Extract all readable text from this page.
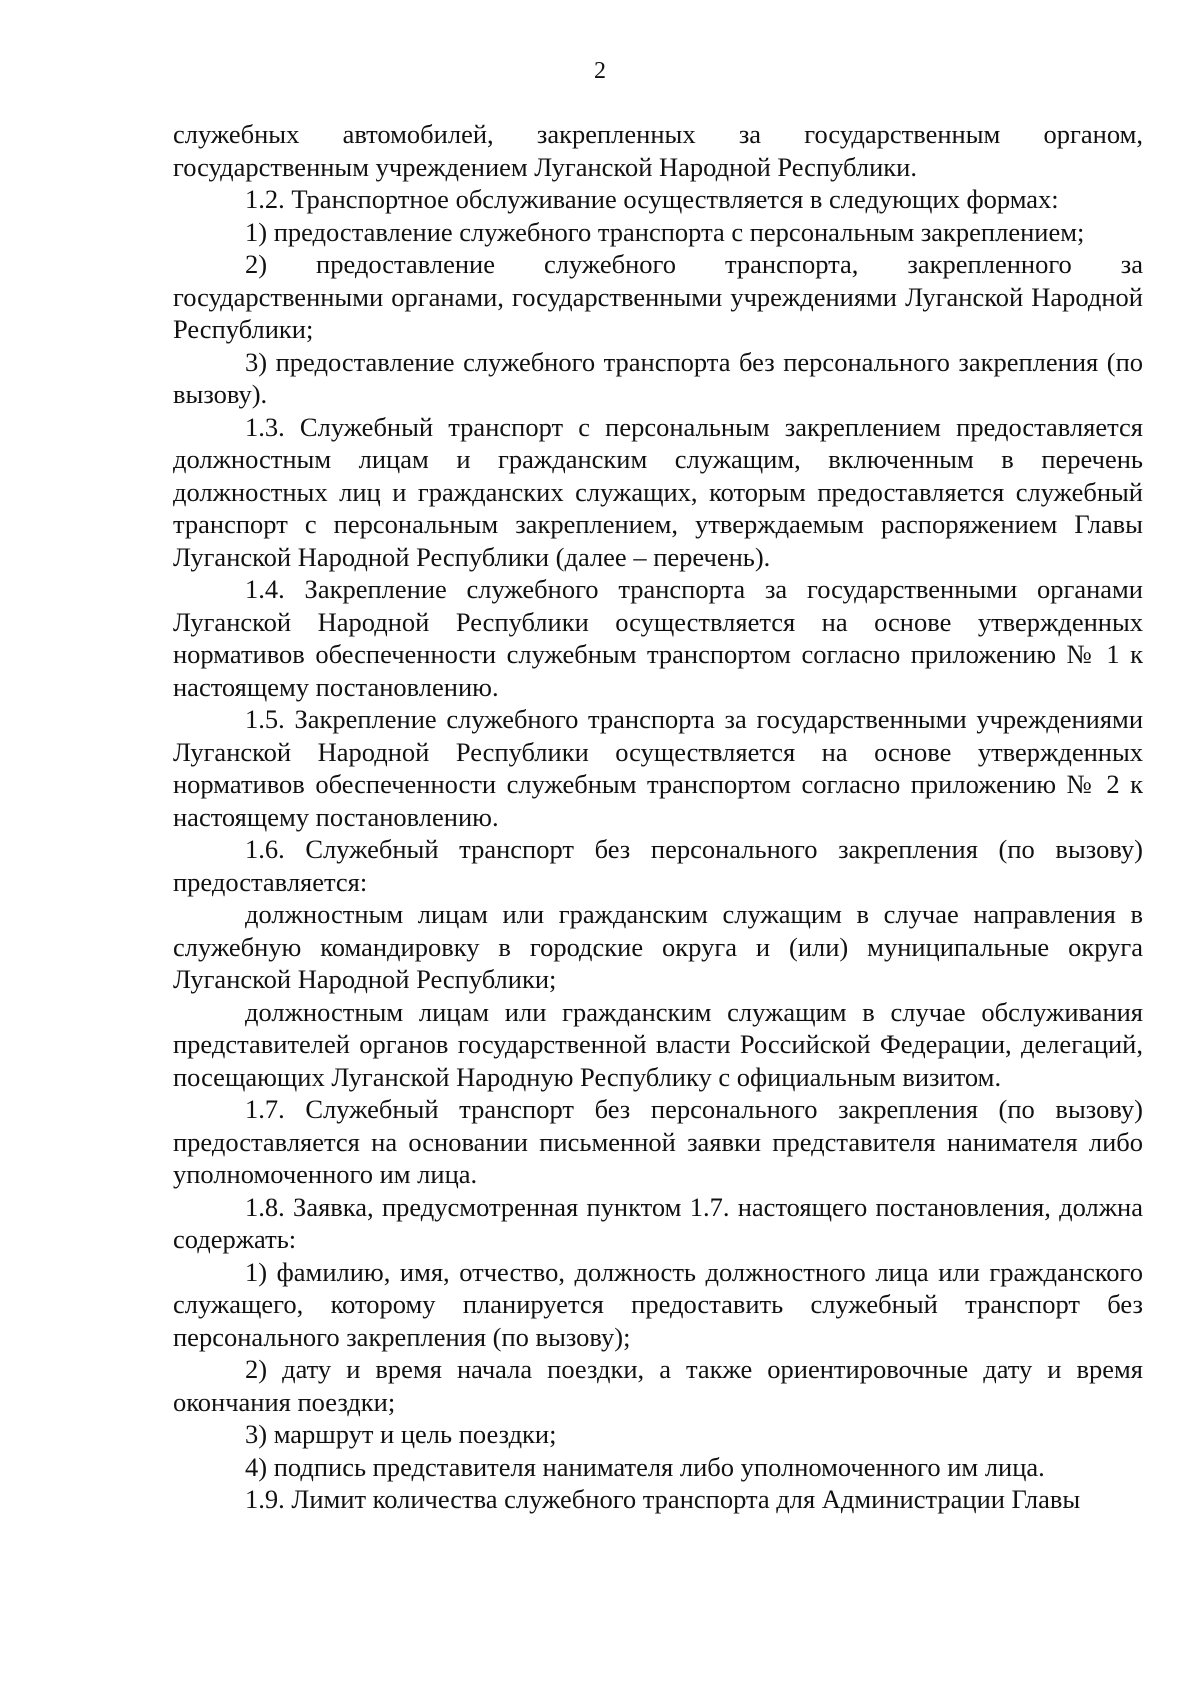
2

служебных автомобилей, закрепленных за государственным органом, государственным учреждением Луганской Народной Республики.

1.2. Транспортное обслуживание осуществляется в следующих формах:

1) предоставление служебного транспорта с персональным закреплением;

2) предоставление служебного транспорта, закрепленного за государственными органами, государственными учреждениями Луганской Народной Республики;

3) предоставление служебного транспорта без персонального закрепления (по вызову).

1.3. Служебный транспорт с персональным закреплением предоставляется должностным лицам и гражданским служащим, включенным в перечень должностных лиц и гражданских служащих, которым предоставляется служебный транспорт с персональным закреплением, утверждаемым распоряжением Главы Луганской Народной Республики (далее – перечень).

1.4. Закрепление служебного транспорта за государственными органами Луганской Народной Республики осуществляется на основе утвержденных нормативов обеспеченности служебным транспортом согласно приложению № 1 к настоящему постановлению.

1.5. Закрепление служебного транспорта за государственными учреждениями Луганской Народной Республики осуществляется на основе утвержденных нормативов обеспеченности служебным транспортом согласно приложению № 2 к настоящему постановлению.

1.6. Служебный транспорт без персонального закрепления (по вызову) предоставляется:

должностным лицам или гражданским служащим в случае направления в служебную командировку в городские округа и (или) муниципальные округа Луганской Народной Республики;

должностным лицам или гражданским служащим в случае обслуживания представителей органов государственной власти Российской Федерации, делегаций, посещающих Луганской Народную Республику с официальным визитом.

1.7. Служебный транспорт без персонального закрепления (по вызову) предоставляется на основании письменной заявки представителя нанимателя либо уполномоченного им лица.

1.8. Заявка, предусмотренная пунктом 1.7. настоящего постановления, должна содержать:

1) фамилию, имя, отчество, должность должностного лица или гражданского служащего, которому планируется предоставить служебный транспорт без персонального закрепления (по вызову);

2) дату и время начала поездки, а также ориентировочные дату и время окончания поездки;

3) маршрут и цель поездки;

4) подпись представителя нанимателя либо уполномоченного им лица.

1.9. Лимит количества служебного транспорта для Администрации Главы
